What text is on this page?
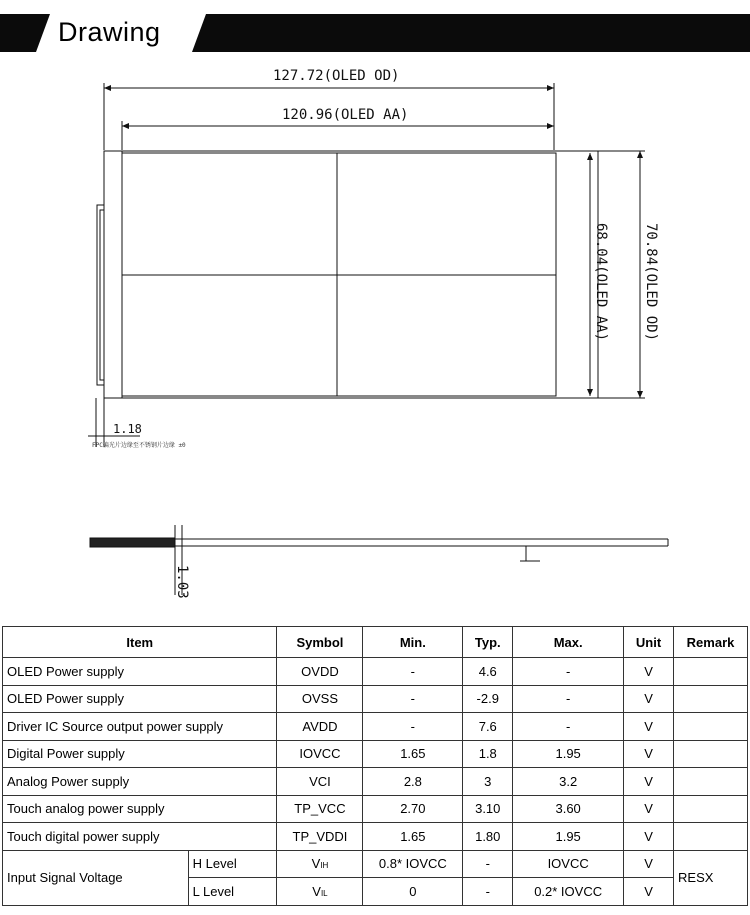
Drawing
127.72(OLED OD)
120.96(OLED AA)
68.04(OLED AA) 70.84(OLED OD)
1.18
FPC偏光片边缘至不锈钢片边缘 ±0
1.03
Item		Symbol	Min.	Typ.	Max.	Unit	Remark
OLED Power supply		OVDD	-	4.6	-	V	
OLED Power supply		OVSS	-	-2.9	-	V	
Driver IC Source output power supply		AVDD	-	7.6	-	V	
Digital Power supply		IOVCC	1.65	1.8	1.95	V	
Analog Power supply		VCI	2.8	3	3.2	V	
Touch analog power supply		TP_VCC	2.70	3.10	3.60	V	
Touch digital power supply		TP_VDDI	1.65	1.80	1.95	V	
Input Signal Voltage	H Level	VIH	0.8* IOVCC	-	IOVCC	V	RESX
	L Level	VIL	0	-	0.2* IOVCC	V	
